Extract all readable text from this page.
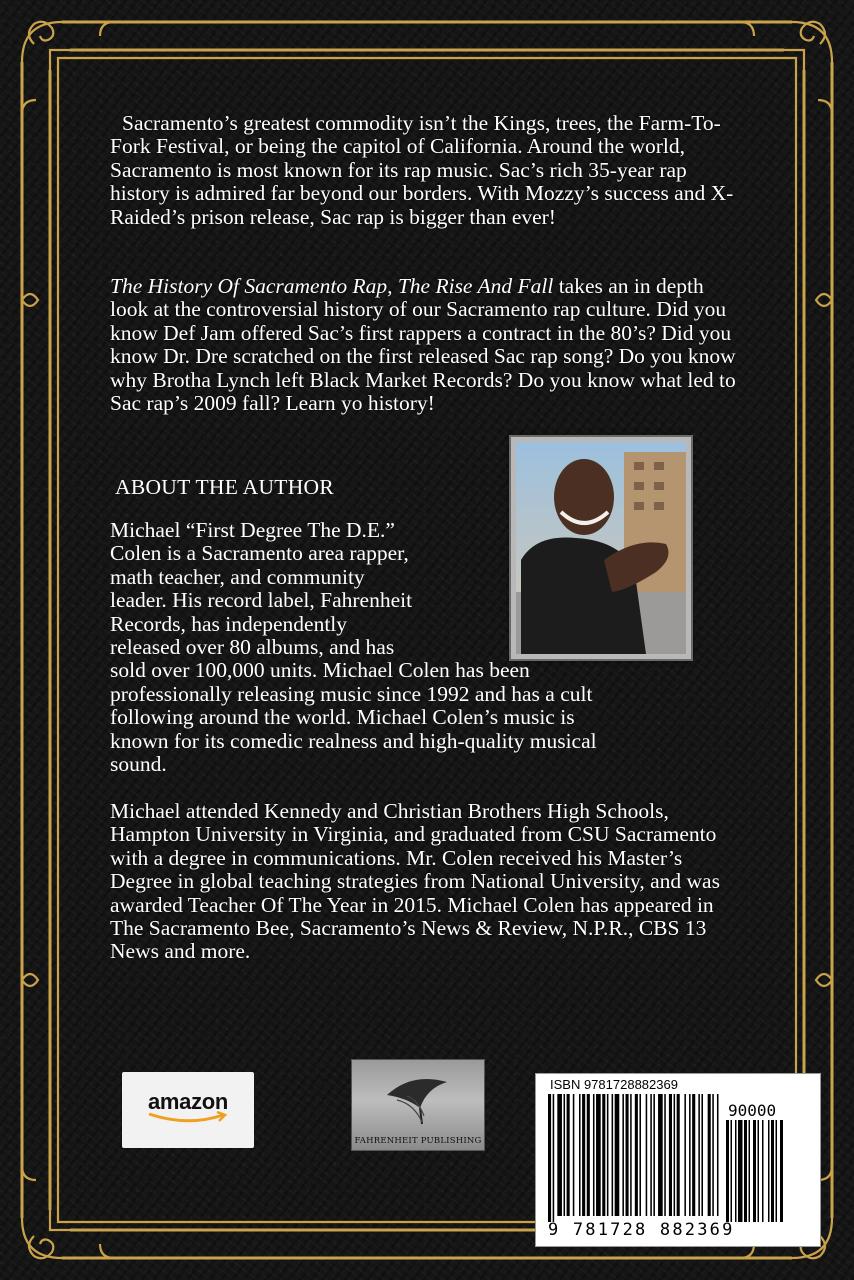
Sacramento’s greatest commodity isn’t the Kings, trees, the Farm-To-Fork Festival, or being the capitol of California. Around the world, Sacramento is most known for its rap music. Sac’s rich 35-year rap history is admired far beyond our borders. With Mozzy’s success and X-Raided’s prison release, Sac rap is bigger than ever!

The History Of Sacramento Rap, The Rise And Fall takes an in depth look at the controversial history of our Sacramento rap culture. Did you know Def Jam offered Sac’s first rappers a contract in the 80’s? Did you know Dr. Dre scratched on the first released Sac rap song? Do you know why Brotha Lynch left Black Market Records? Do you know what led to Sac rap’s 2009 fall? Learn yo history!

ABOUT THE AUTHOR
Michael “First Degree The D.E.”
Colen is a Sacramento area rapper,
math teacher, and community
leader. His record label, Fahrenheit
Records, has independently
released over 80 albums, and has
sold over 100,000 units. Michael Colen has been
professionally releasing music since 1992 and has a cult
following around the world. Michael Colen’s music is
known for its comedic realness and high-quality musical
sound.

Michael attended Kennedy and Christian Brothers High Schools, Hampton University in Virginia, and graduated from CSU Sacramento with a degree in communications. Mr. Colen received his Master’s Degree in global teaching strategies from National University, and was awarded Teacher Of The Year in 2015. Michael Colen has appeared in The Sacramento Bee, Sacramento’s News & Review, N.P.R., CBS 13 News and more.

amazon
FAHRENHEIT PUBLISHING
ISBN 9781728882369
90000
9 781728 882369
